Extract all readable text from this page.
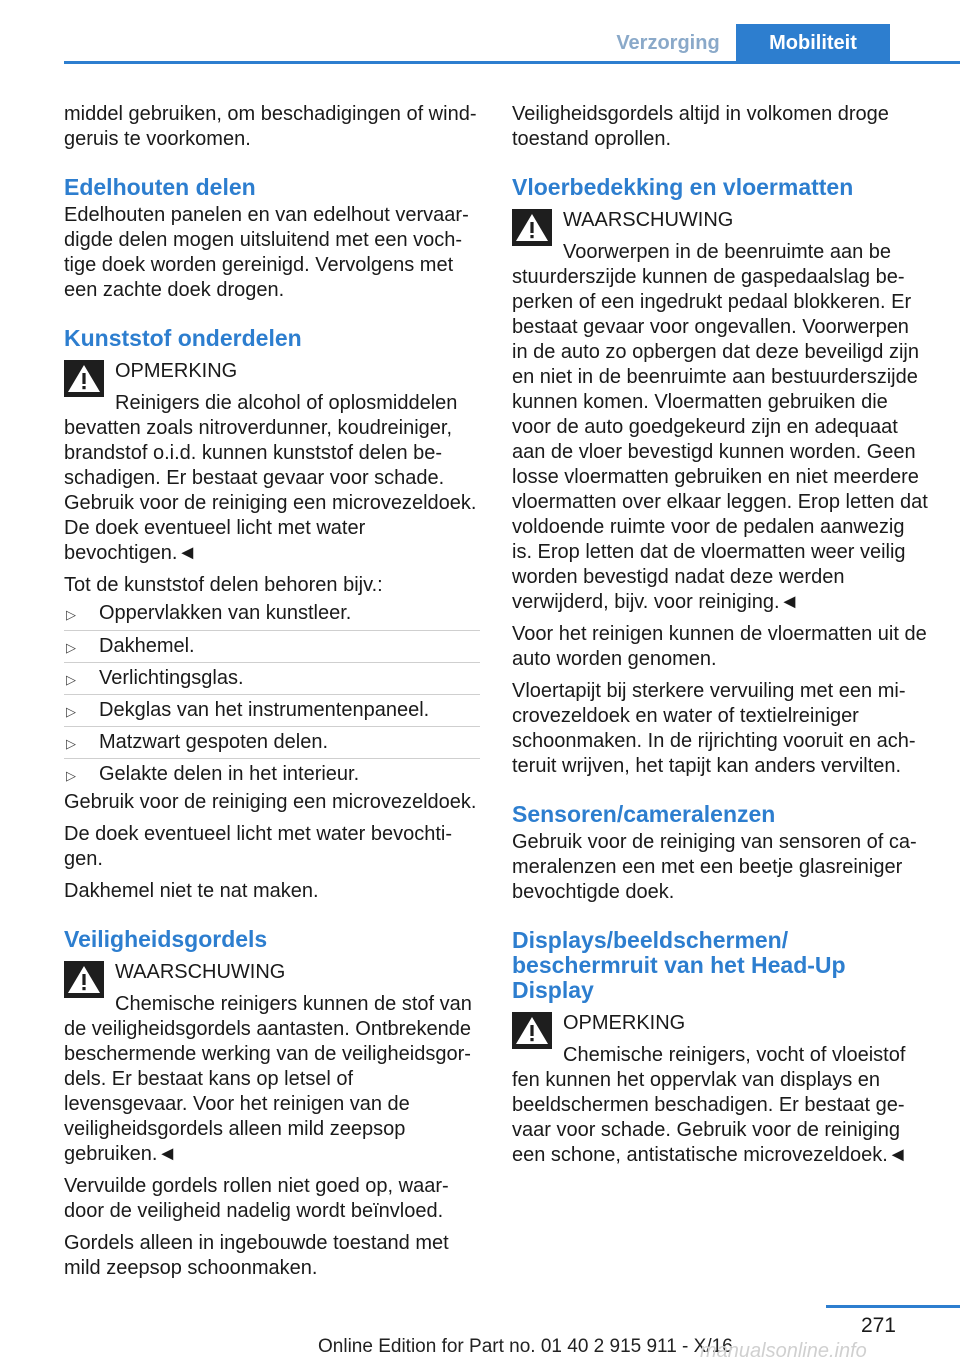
Verzorging	Mobiliteit

middel gebruiken, om beschadigingen of windgeruis te voorkomen.

Edelhouten delen

Edelhouten panelen en van edelhout vervaardigde delen mogen uitsluitend met een vochtige doek worden gereinigd. Vervolgens met een zachte doek drogen.

Kunststof onderdelen
OPMERKING
Reinigers die alcohol of oplosmiddelen

bevatten zoals nitroverdunner, koudreiniger, brandstof o.i.d. kunnen kunststof delen beschadigen. Er bestaat gevaar voor schade. Gebruik voor de reiniging een microvezeldoek. De doek eventueel licht met water bevochtigen.◄

Tot de kunststof delen behoren bijv.:

▷ Oppervlakken van kunstleer.
▷ Dakhemel.
▷ Verlichtingsglas.
▷ Dekglas van het instrumentenpaneel.
▷ Matzwart gespoten delen.
▷ Gelakte delen in het interieur.

Gebruik voor de reiniging een microvezeldoek.

De doek eventueel licht met water bevochtigen.

Dakhemel niet te nat maken.

Veiligheidsgordels
WAARSCHUWING
Chemische reinigers kunnen de stof van

de veiligheidsgordels aantasten. Ontbrekende beschermende werking van de veiligheidsgordels. Er bestaat kans op letsel of levensgevaar. Voor het reinigen van de veiligheidsgordels alleen mild zeepsop gebruiken.◄

Vervuilde gordels rollen niet goed op, waardoor de veiligheid nadelig wordt beïnvloed.

Gordels alleen in ingebouwde toestand met mild zeepsop schoonmaken.

Veiligheidsgordels altijd in volkomen droge toestand oprollen.

Vloerbedekking en vloermatten
WAARSCHUWING
Voorwerpen in de beenruimte aan be

stuurderszijde kunnen de gaspedaalslag beperken of een ingedrukt pedaal blokkeren. Er bestaat gevaar voor ongevallen. Voorwerpen in de auto zo opbergen dat deze beveiligd zijn en niet in de beenruimte aan bestuurderszijde kunnen komen. Vloermatten gebruiken die voor de auto goedgekeurd zijn en adequaat aan de vloer bevestigd kunnen worden. Geen losse vloermatten gebruiken en niet meerdere vloermatten over elkaar leggen. Erop letten dat voldoende ruimte voor de pedalen aanwezig is. Erop letten dat de vloermatten weer veilig worden bevestigd nadat deze werden verwijderd, bijv. voor reiniging.◄

Voor het reinigen kunnen de vloermatten uit de auto worden genomen.

Vloertapijt bij sterkere vervuiling met een microvezeldoek en water of textielreiniger schoonmaken. In de rijrichting vooruit en achteruit wrijven, het tapijt kan anders vervilten.

Sensoren/cameralenzen

Gebruik voor de reiniging van sensoren of cameralenzen een met een beetje glasreiniger bevochtigde doek.

Displays/beeldschermen/ beschermruit van het Head-Up Display
OPMERKING
Chemische reinigers, vocht of vloeistof

fen kunnen het oppervlak van displays en beeldschermen beschadigen. Er bestaat gevaar voor schade. Gebruik voor de reiniging een schone, antistatische microvezeldoek.◄

271
Online Edition for Part no. 01 40 2 915 911 - X/16
manualsonline.info
